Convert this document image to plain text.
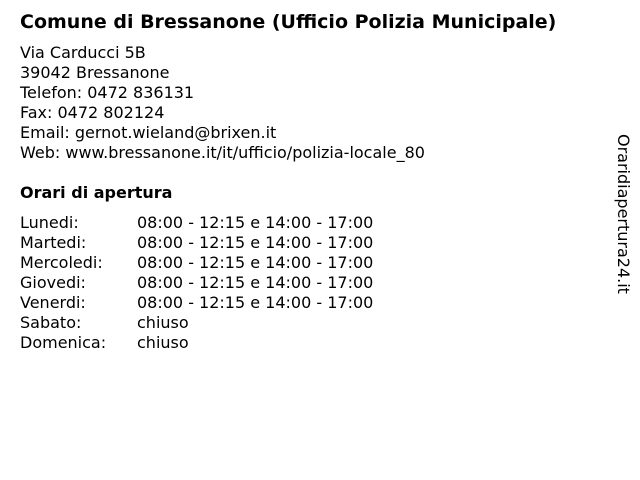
Comune di Bressanone (Ufficio Polizia Municipale)
Via Carducci 5B
39042 Bressanone
Telefon: 0472 836131
Fax: 0472 802124
Email: gernot.wieland@brixen.it
Web: www.bressanone.it/it/ufficio/polizia-locale_80
Orari di apertura
Lunedi:	08:00 - 12:15 e 14:00 - 17:00
Martedi:	08:00 - 12:15 e 14:00 - 17:00
Mercoledi:	08:00 - 12:15 e 14:00 - 17:00
Giovedi:	08:00 - 12:15 e 14:00 - 17:00
Venerdi:	08:00 - 12:15 e 14:00 - 17:00
Sabato:	chiuso
Domenica:	chiuso
Oraridiapertura24.it
